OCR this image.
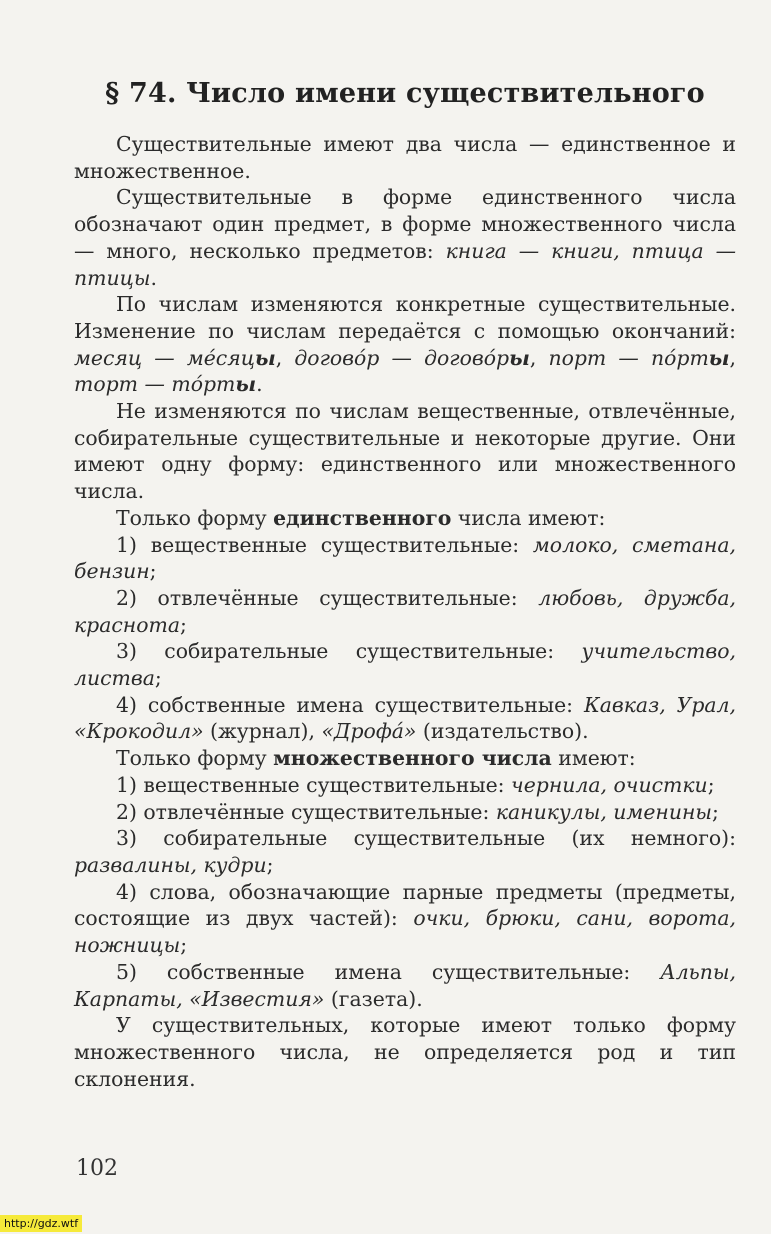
§ 74. Число имени существительного

Существительные имеют два числа — единственное и множественное.

Существительные в форме единственного числа обозначают один предмет, в форме множественного числа — много, несколько предметов: книга — книги, птица — птицы.

По числам изменяются конкретные существительные. Изменение по числам передаётся с помощью окончаний: месяц — ме́сяцы, догово́р — догово́ры, порт — по́рты, торт — то́рты.

Не изменяются по числам вещественные, отвлечённые, собирательные существительные и некоторые другие. Они имеют одну форму: единственного или множественного числа.

Только форму единственного числа имеют:

1) вещественные существительные: молоко, сметана, бензин;

2) отвлечённые существительные: любовь, дружба, краснота;

3) собирательные существительные: учительство, листва;

4) собственные имена существительные: Кавказ, Урал, «Крокодил» (журнал), «Дрофа́» (издательство).

Только форму множественного числа имеют:

1) вещественные существительные: чернила, очистки;

2) отвлечённые существительные: каникулы, именины;

3) собирательные существительные (их немного): развалины, кудри;

4) слова, обозначающие парные предметы (предметы, состоящие из двух частей): очки, брюки, сани, ворота, ножницы;

5) собственные имена существительные: Альпы, Карпаты, «Известия» (газета).

У существительных, которые имеют только форму множественного числа, не определяется род и тип склонения.

102
http://gdz.wtf
